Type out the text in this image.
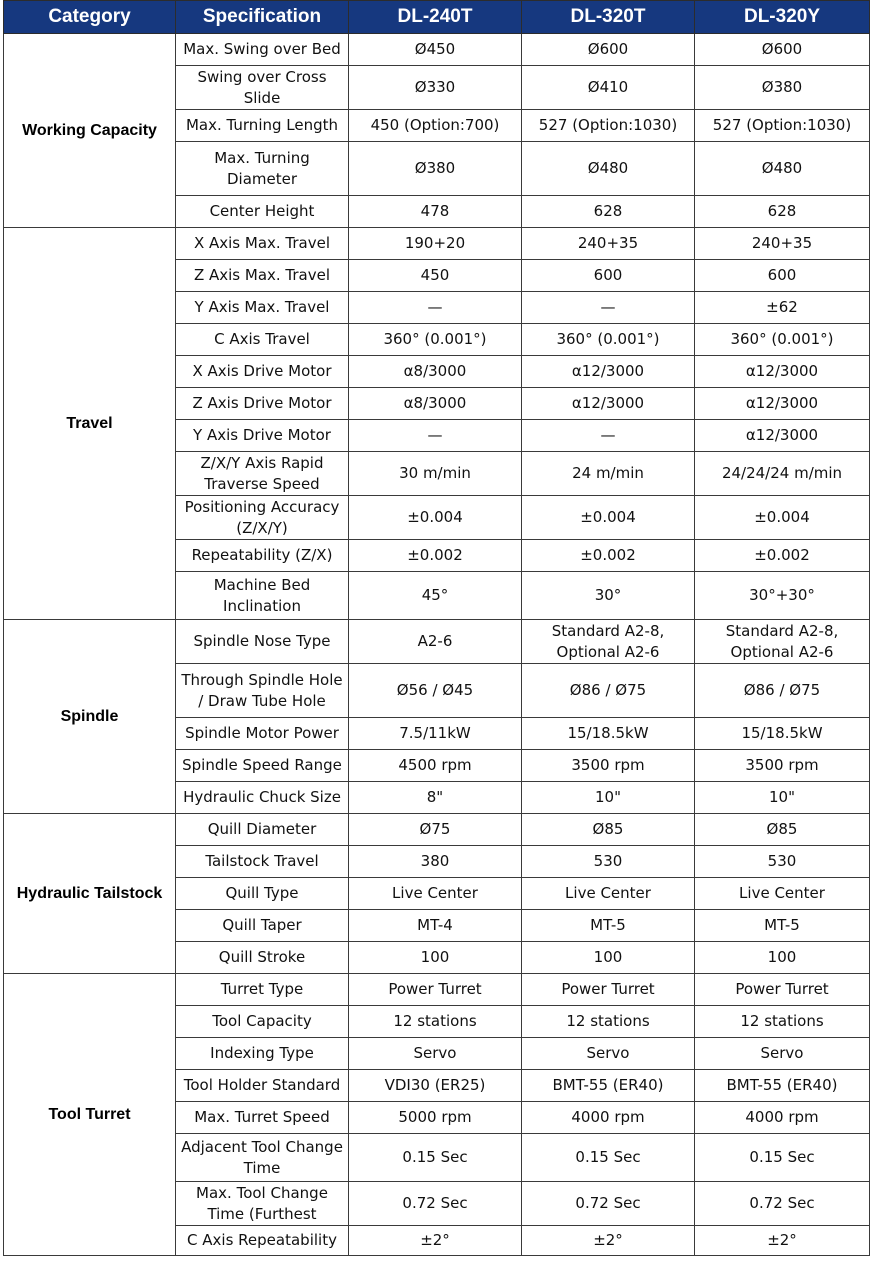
Category	Specification	DL-240T	DL-320T	DL-320Y
Working Capacity	Max. Swing over Bed	Ø450	Ø600	Ø600
	Swing over Cross Slide	Ø330	Ø410	Ø380
	Max. Turning Length	450 (Option:700)	527 (Option:1030)	527 (Option:1030)
	Max. Turning Diameter	Ø380	Ø480	Ø480
	Center Height	478	628	628
Travel	X Axis Max. Travel	190+20	240+35	240+35
	Z Axis Max. Travel	450	600	600
	Y Axis Max. Travel	—	—	±62
	C Axis Travel	360° (0.001°)	360° (0.001°)	360° (0.001°)
	X Axis Drive Motor	α8/3000	α12/3000	α12/3000
	Z Axis Drive Motor	α8/3000	α12/3000	α12/3000
	Y Axis Drive Motor	—	—	α12/3000
	Z/X/Y Axis Rapid Traverse Speed	30 m/min	24 m/min	24/24/24 m/min
	Positioning Accuracy (Z/X/Y)	±0.004	±0.004	±0.004
	Repeatability (Z/X)	±0.002	±0.002	±0.002
	Machine Bed Inclination	45°	30°	30°+30°
Spindle	Spindle Nose Type	A2-6	Standard A2-8, Optional A2-6	Standard A2-8, Optional A2-6
	Through Spindle Hole / Draw Tube Hole	Ø56 / Ø45	Ø86 / Ø75	Ø86 / Ø75
	Spindle Motor Power	7.5/11kW	15/18.5kW	15/18.5kW
	Spindle Speed Range	4500 rpm	3500 rpm	3500 rpm
	Hydraulic Chuck Size	8"	10"	10"
Hydraulic Tailstock	Quill Diameter	Ø75	Ø85	Ø85
	Tailstock Travel	380	530	530
	Quill Type	Live Center	Live Center	Live Center
	Quill Taper	MT-4	MT-5	MT-5
	Quill Stroke	100	100	100
Tool Turret	Turret Type	Power Turret	Power Turret	Power Turret
	Tool Capacity	12 stations	12 stations	12 stations
	Indexing Type	Servo	Servo	Servo
	Tool Holder Standard	VDI30 (ER25)	BMT-55 (ER40)	BMT-55 (ER40)
	Max. Turret Speed	5000 rpm	4000 rpm	4000 rpm
	Adjacent Tool Change Time	0.15 Sec	0.15 Sec	0.15 Sec
	Max. Tool Change Time (Furthest	0.72 Sec	0.72 Sec	0.72 Sec
	C Axis Repeatability	±2°	±2°	±2°
